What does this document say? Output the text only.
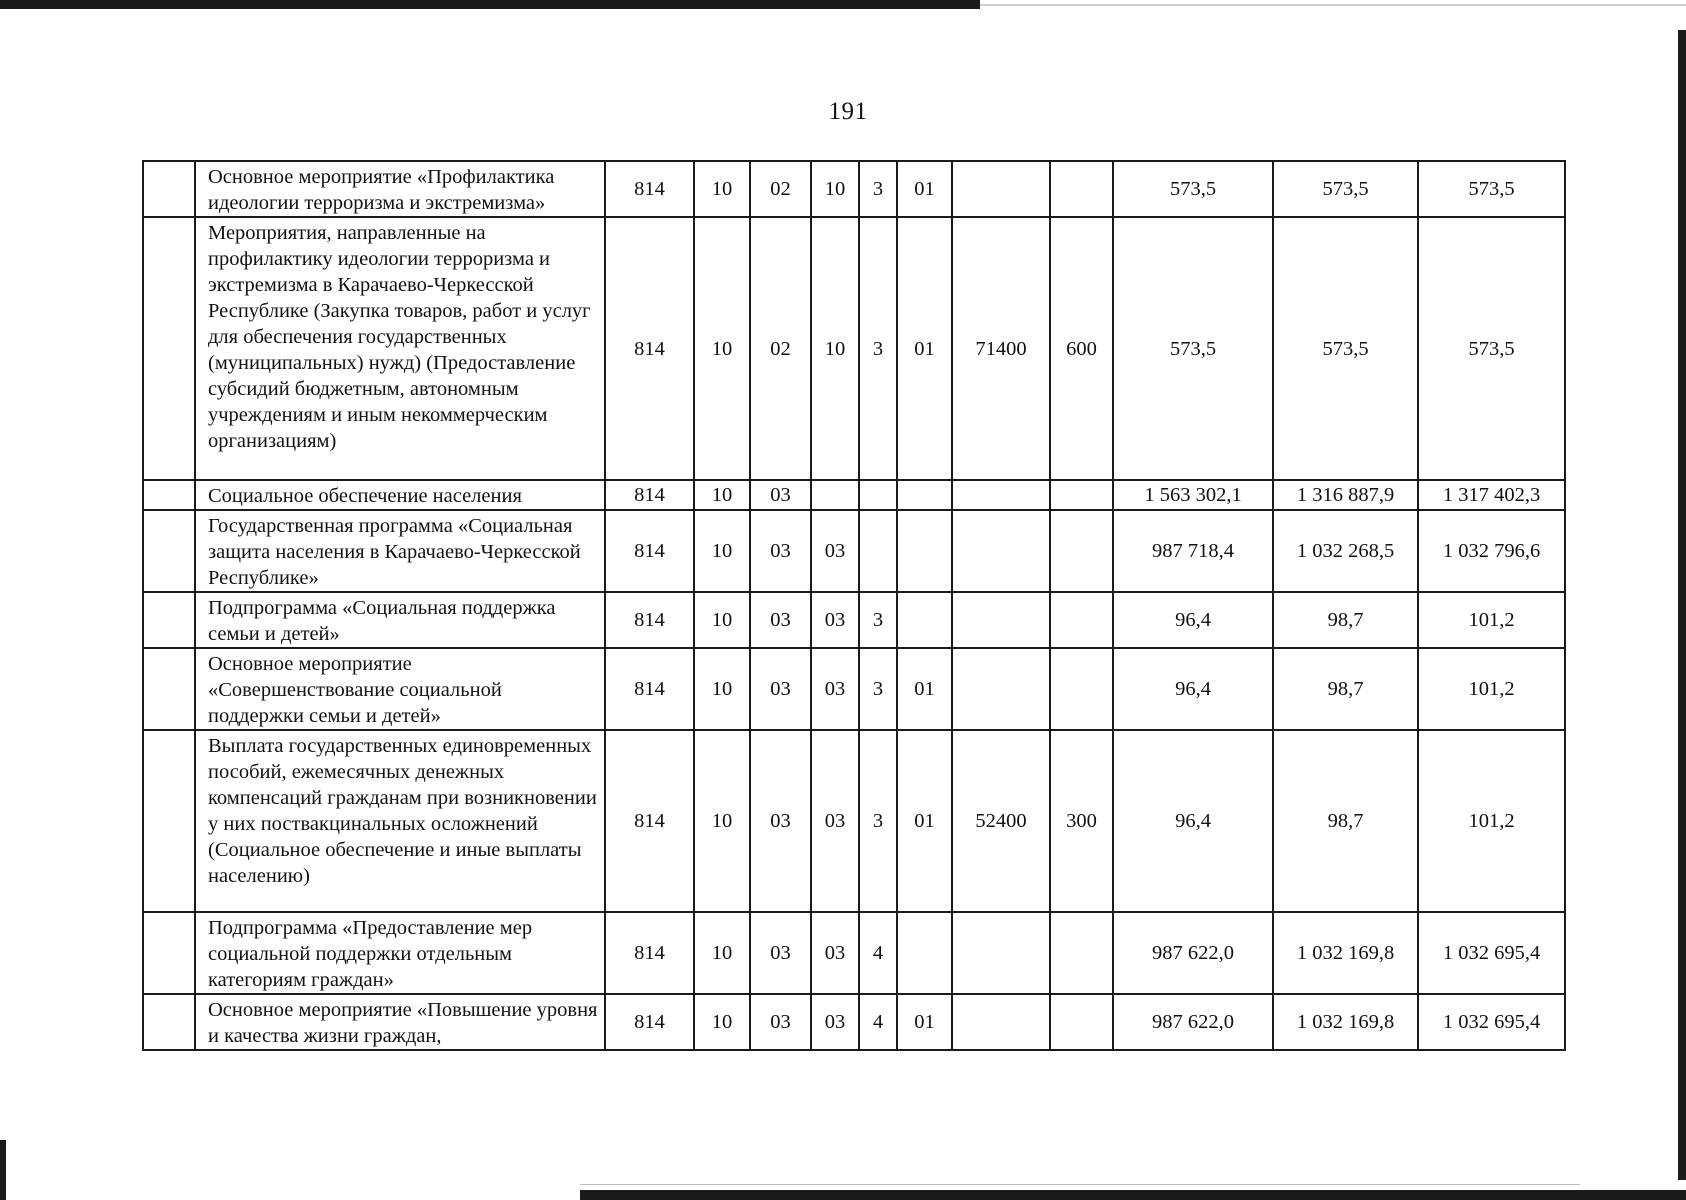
191
	Основное мероприятие «Профилактика идеологии терроризма и экстремизма»	814	10	02	10	3	01			573,5	573,5	573,5
	Мероприятия, направленные на профилактику идеологии терроризма и экстремизма в Карачаево-Черкесской Республике (Закупка товаров, работ и услуг для обеспечения государственных (муниципальных) нужд) (Предоставление субсидий бюджетным, автономным учреждениям и иным некоммерческим организациям)	814	10	02	10	3	01	71400	600	573,5	573,5	573,5
	Социальное обеспечение населения	814	10	03						1 563 302,1	1 316 887,9	1 317 402,3
	Государственная программа «Социальная защита населения в Карачаево-Черкесской Республике»	814	10	03	03					987 718,4	1 032 268,5	1 032 796,6
	Подпрограмма «Социальная поддержка семьи и детей»	814	10	03	03	3				96,4	98,7	101,2
	Основное мероприятие «Совершенствование социальной поддержки семьи и детей»	814	10	03	03	3	01			96,4	98,7	101,2
	Выплата государственных единовременных пособий, ежемесячных денежных компенсаций гражданам при возникновении у них поствакцинальных осложнений (Социальное обеспечение и иные выплаты населению)	814	10	03	03	3	01	52400	300	96,4	98,7	101,2
	Подпрограмма «Предоставление мер социальной поддержки отдельным категориям граждан»	814	10	03	03	4				987 622,0	1 032 169,8	1 032 695,4
	Основное мероприятие «Повышение уровня и качества жизни граждан,	814	10	03	03	4	01			987 622,0	1 032 169,8	1 032 695,4
